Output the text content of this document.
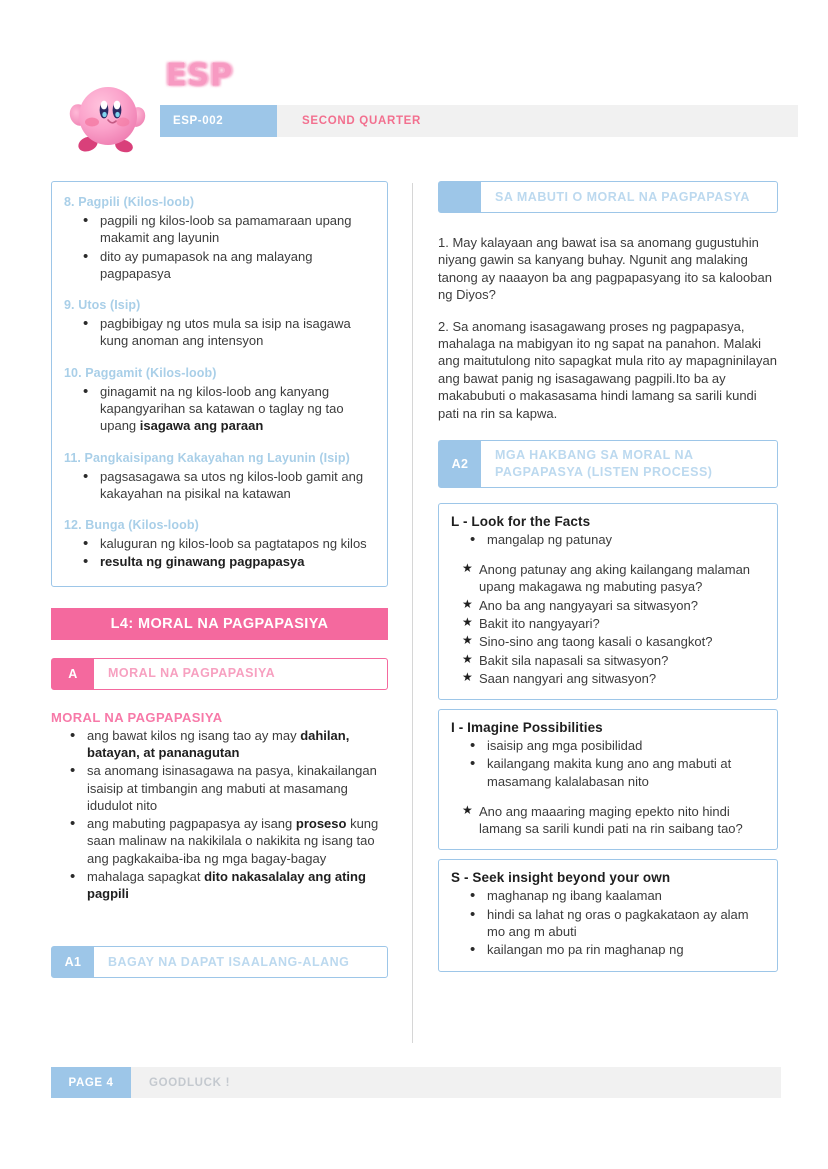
ESP
ESP-002	SECOND QUARTER
8. Pagpili (Kilos-loob)
• pagpili ng kilos-loob sa pamamaraan upang makamit ang layunin
• dito ay pumapasok na ang malayang pagpapasya
9. Utos (Isip)
• pagbibigay ng utos mula sa isip na isagawa kung anoman ang intensyon
10. Paggamit (Kilos-loob)
• ginagamit na ng kilos-loob ang kanyang kapangyarihan sa katawan o taglay ng tao upang isagawa ang paraan
11. Pangkaisipang Kakayahan ng Layunin (Isip)
• pagsasagawa sa utos ng kilos-loob gamit ang kakayahan na pisikal na katawan
12. Bunga (Kilos-loob)
• kaluguran ng kilos-loob sa pagtatapos ng kilos
• resulta ng ginawang pagpapasya
L4: MORAL NA PAGPAPASIYA
A	MORAL NA PAGPAPASIYA
MORAL NA PAGPAPASIYA
• ang bawat kilos ng isang tao ay may dahilan, batayan, at pananagutan
• sa anomang isinasagawa na pasya, kinakailangan isaisip at timbangin ang mabuti at masamang idudulot nito
• ang mabuting pagpapasya ay isang proseso kung saan malinaw na nakikilala o nakikita ng isang tao ang pagkakaiba-iba ng mga bagay-bagay
• mahalaga sapagkat dito nakasalalay ang ating pagpili
A1	BAGAY NA DAPAT ISAALANG-ALANG
SA MABUTI O MORAL NA PAGPAPASYA

1. May kalayaan ang bawat isa sa anomang gugustuhin niyang gawin sa kanyang buhay. Ngunit ang malaking tanong ay naaayon ba ang pagpapasyang ito sa kalooban ng Diyos?

2. Sa anomang isasagawang proses ng pagpapasya, mahalaga na mabigyan ito ng sapat na panahon. Malaki ang maitutulong nito sapagkat mula rito ay mapagninilayan ang bawat panig ng isasagawang pagpili.Ito ba ay makabubuti o makasasama hindi lamang sa sarili kundi pati na rin sa kapwa.

A2
MGA HAKBANG SA MORAL NA PAGPAPASYA (LISTEN PROCESS)
L - Look for the Facts
• mangalap ng patunay
★ Anong patunay ang aking kailangang malaman upang makagawa ng mabuting pasya?
★ Ano ba ang nangyayari sa sitwasyon?
★ Bakit ito nangyayari?
★ Sino-sino ang taong kasali o kasangkot?
★ Bakit sila napasali sa sitwasyon?
★ Saan nangyari ang sitwasyon?
I - Imagine Possibilities
• isaisip ang mga posibilidad
• kailangang makita kung ano ang mabuti at masamang kalalabasan nito
★ Ano ang maaaring maging epekto nito hindi lamang sa sarili kundi pati na rin saibang tao?
S - Seek insight beyond your own
• maghanap ng ibang kaalaman
• hindi sa lahat ng oras o pagkakataon ay alam mo ang m abuti
• kailangan mo pa rin maghanap ng
PAGE 4	GOODLUCK !
